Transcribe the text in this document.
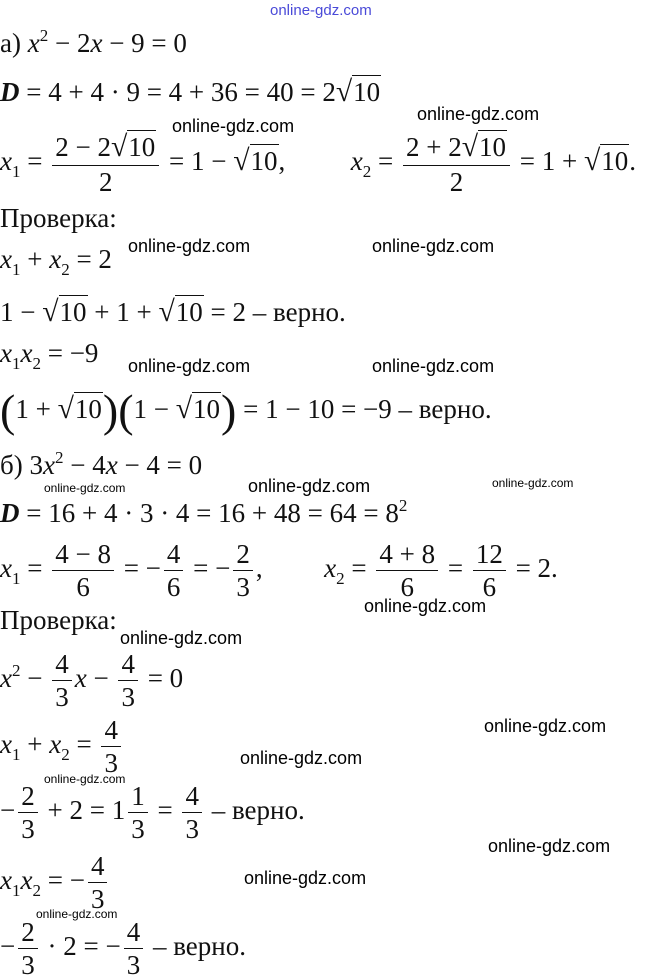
online-gdz.com
online-gdz.com
online-gdz.com
online-gdz.com	online-gdz.com
online-gdz.com	online-gdz.com
online-gdz.com	online-gdz.com	online-gdz.com
online-gdz.com
online-gdz.com
online-gdz.com
online-gdz.com
online-gdz.com
online-gdz.com
online-gdz.com
online-gdz.com
а) $x^2 - 2x - 9 = 0$
D = 4 + 4 · 9 = 4 + 36 = 40 = 2√10
$x_1 = \frac{2 - 2√10}{2} = 1 - √10$, $x_2 = \frac{2 + 2√10}{2} = 1 + √10$.
Проверка:
$x_1 + x_2 = 2$
1 − √10 + 1 + √10 = 2 – верно.
$x_1x_2 = -9$
(1 + √10)(1 − √10) = 1 − 10 = −9 – верно.
б) $3x^2 - 4x - 4 = 0$
$D = 16 + 4 \cdot 3 \cdot 4 = 16 + 48 = 64 = 8^2$
$x_1 = \frac{4 - 8}{6}$ = − $\frac{4}{6}$ = − $\frac{2}{3}$ , $x_2 = \frac{4 + 8}{6} = \frac{12}{6} = 2$.
Проверка:
$x^2 - \frac{4}{3}$ $x - \frac{4}{3} = 0$
$x_1 + x_2 = \frac{4}{3}$
− $\frac{2}{3} + 2 = 1 \frac{1}{3} = \frac{4}{3}$ – верно.
$x_1x_2$ = − $\frac{4}{3}$
− $\frac{2}{3} \cdot 2$ = − $\frac{4}{3}$ – верно.
